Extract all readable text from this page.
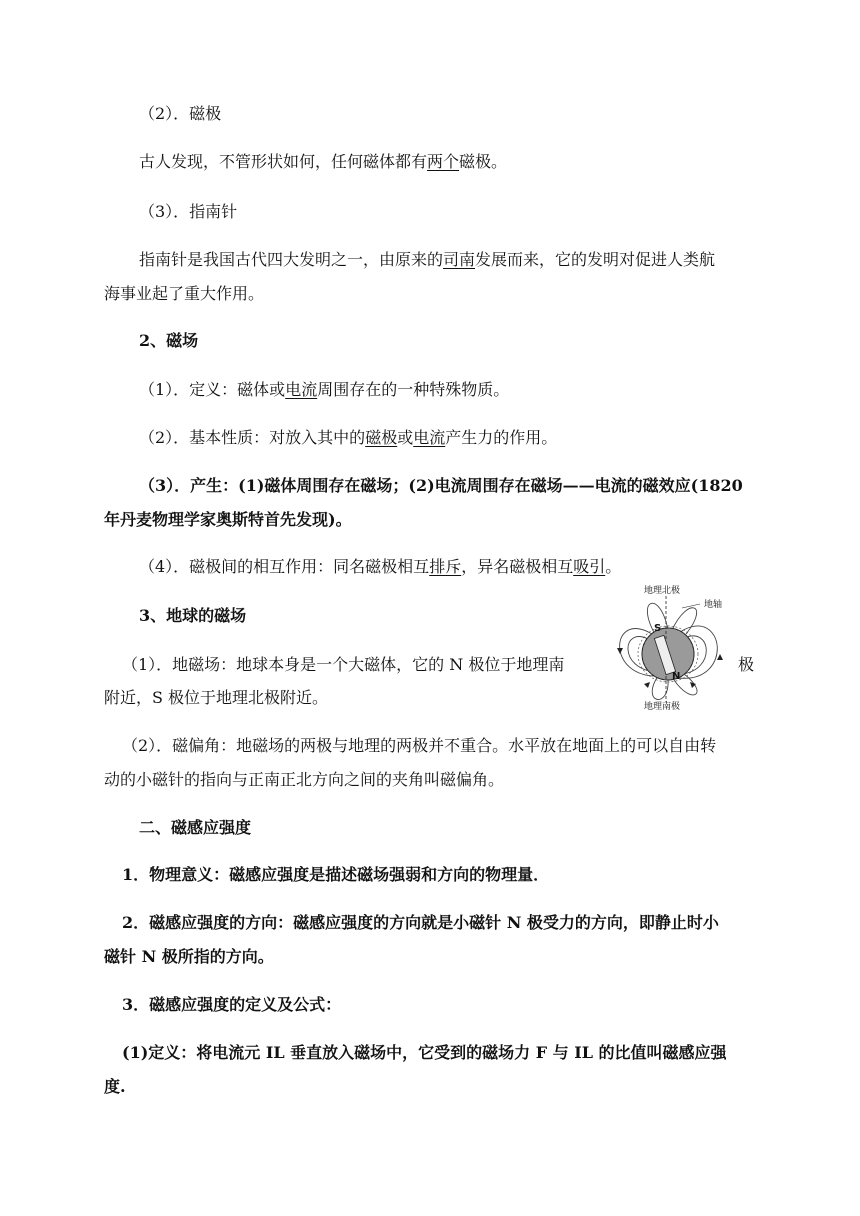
（2）．磁极
古人发现，不管形状如何，任何磁体都有两个磁极。
（3）．指南针
指南针是我国古代四大发明之一，由原来的司南发展而来，它的发明对促进人类航
海事业起了重大作用。
2、磁场
（1）．定义：磁体或电流周围存在的一种特殊物质。
（2）．基本性质：对放入其中的磁极或电流产生力的作用。
（3）．产生：(1)磁体周围存在磁场；(2)电流周围存在磁场——电流的磁效应(1820
年丹麦物理学家奥斯特首先发现)。
（4）．磁极间的相互作用：同名磁极相互排斥，异名磁极相互吸引。
3、地球的磁场
（1）．地磁场：地球本身是一个大磁体，它的 N 极位于地理南	极
附近，S 极位于地理北极附近。
地理北极
地轴
S
N
地理南极
（2）．磁偏角：地磁场的两极与地理的两极并不重合。水平放在地面上的可以自由转
动的小磁针的指向与正南正北方向之间的夹角叫磁偏角。
二、磁感应强度
1．物理意义：磁感应强度是描述磁场强弱和方向的物理量．
2．磁感应强度的方向：磁感应强度的方向就是小磁针 N 极受力的方向，即静止时小
磁针 N 极所指的方向。
3．磁感应强度的定义及公式：
(1)定义：将电流元 IL 垂直放入磁场中，它受到的磁场力 F 与 IL 的比值叫磁感应强
度.
